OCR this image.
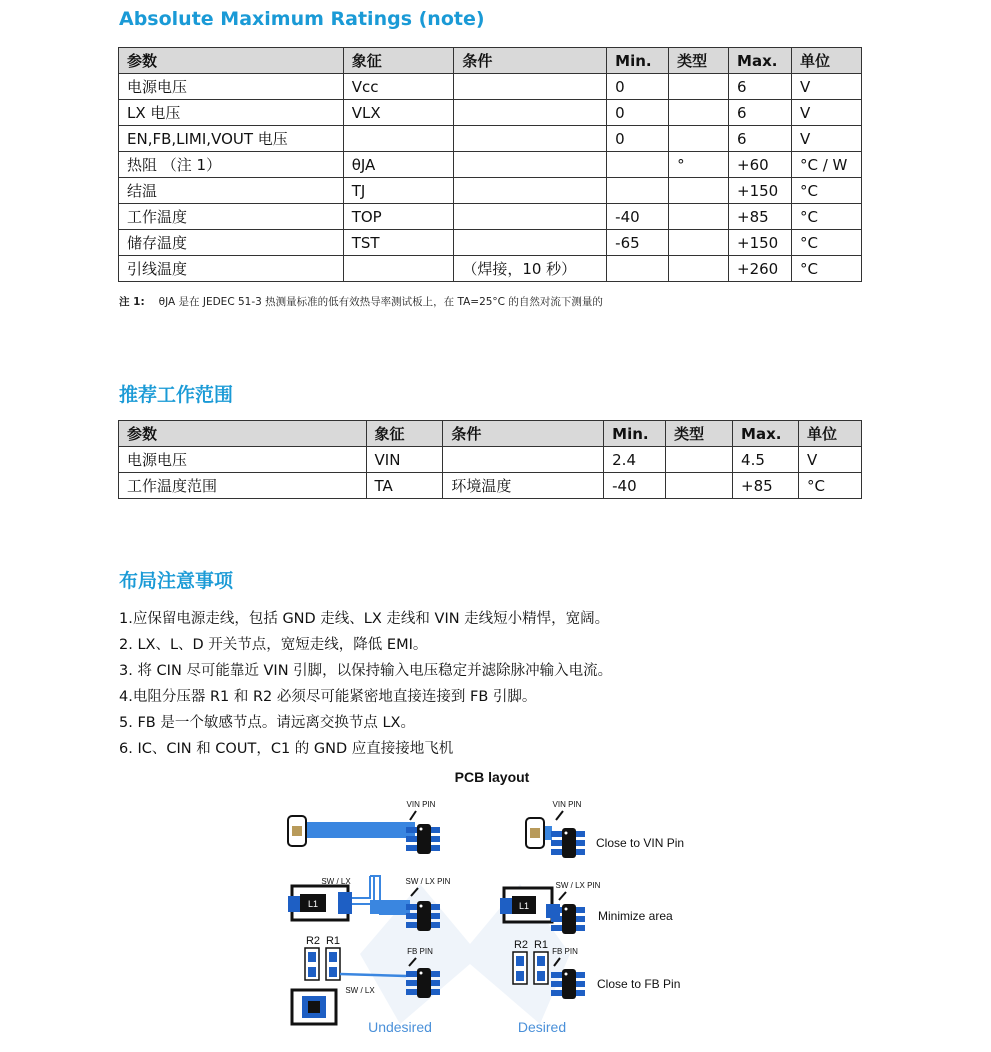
Absolute Maximum Ratings (note)
参数	象征	条件	Min.	类型	Max.	单位
电源电压	Vcc		0		6	V
LX 电压	VLX		0		6	V
EN,FB,LIMI,VOUT 电压			0		6	V
热阻 （注 1）	θJA			°	+60	°C / W
结温	TJ				+150	°C
工作温度	TOP		-40		+85	°C
储存温度	TST		-65		+150	°C
引线温度		（焊接，10 秒）			+260	°C
注 1: θJA 是在 JEDEC 51-3 热测量标准的低有效热导率测试板上，在 TA=25°C 的自然对流下测量的
推荐工作范围
参数	象征	条件	Min.	类型	Max.	单位
电源电压	VIN		2.4		4.5	V
工作温度范围	TA	环境温度	-40		+85	°C
布局注意事项
1.应保留电源走线，包括 GND 走线、LX 走线和 VIN 走线短小精悍，宽阔。
2. LX、L、D 开关节点，宽短走线，降低 EMI。
3. 将 CIN 尽可能靠近 VIN 引脚，以保持输入电压稳定并滤除脉冲输入电流。
4.电阻分压器 R1 和 R2 必须尽可能紧密地直接连接到 FB 引脚。
5. FB 是一个敏感节点。请远离交换节点 LX。
6. IC、CIN 和 COUT，C1 的 GND 应直接接地飞机
PCB layout
VIN PIN
SW / LX	SW / LX PIN
L1
R2 R1
FB PIN
SW / LX
Undesired
VIN PIN
Close to VIN Pin
SW / LX PIN
L1
Minimize area
R2 R1
FB PIN
Close to FB Pin
Desired
